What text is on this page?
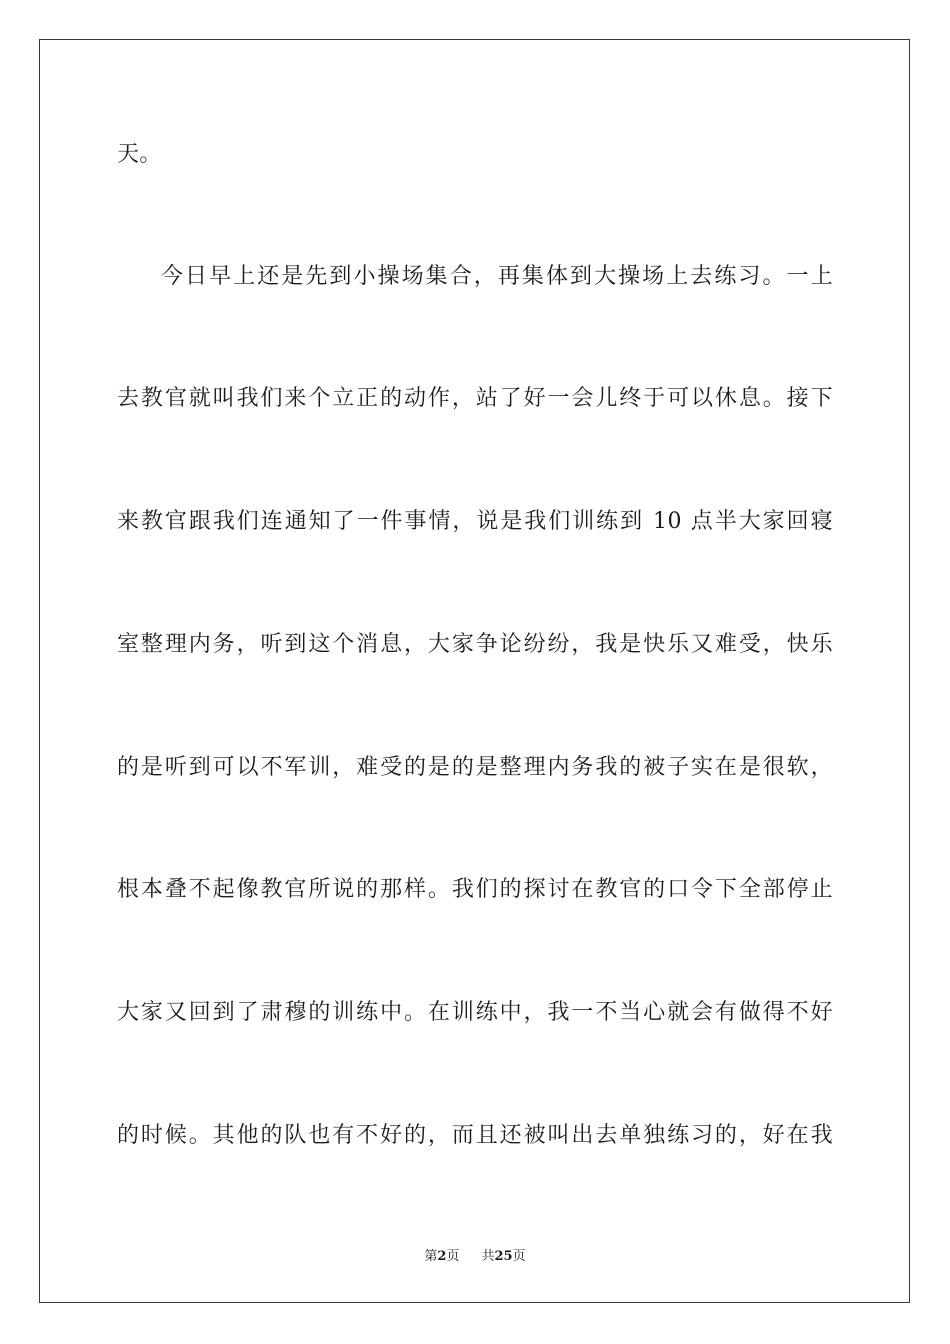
天。
今日早上还是先到小操场集合，再集体到大操场上去练习。一上
去教官就叫我们来个立正的动作，站了好一会儿终于可以休息。接下
来教官跟我们连通知了一件事情，说是我们训练到 10 点半大家回寝
室整理内务，听到这个消息，大家争论纷纷，我是快乐又难受，快乐
的是听到可以不军训，难受的是的是整理内务我的被子实在是很软，
根本叠不起像教官所说的那样。我们的探讨在教官的口令下全部停止
大家又回到了肃穆的训练中。在训练中，我一不当心就会有做得不好
的时候。其他的队也有不好的，而且还被叫出去单独练习的，好在我
第2页 共25页
